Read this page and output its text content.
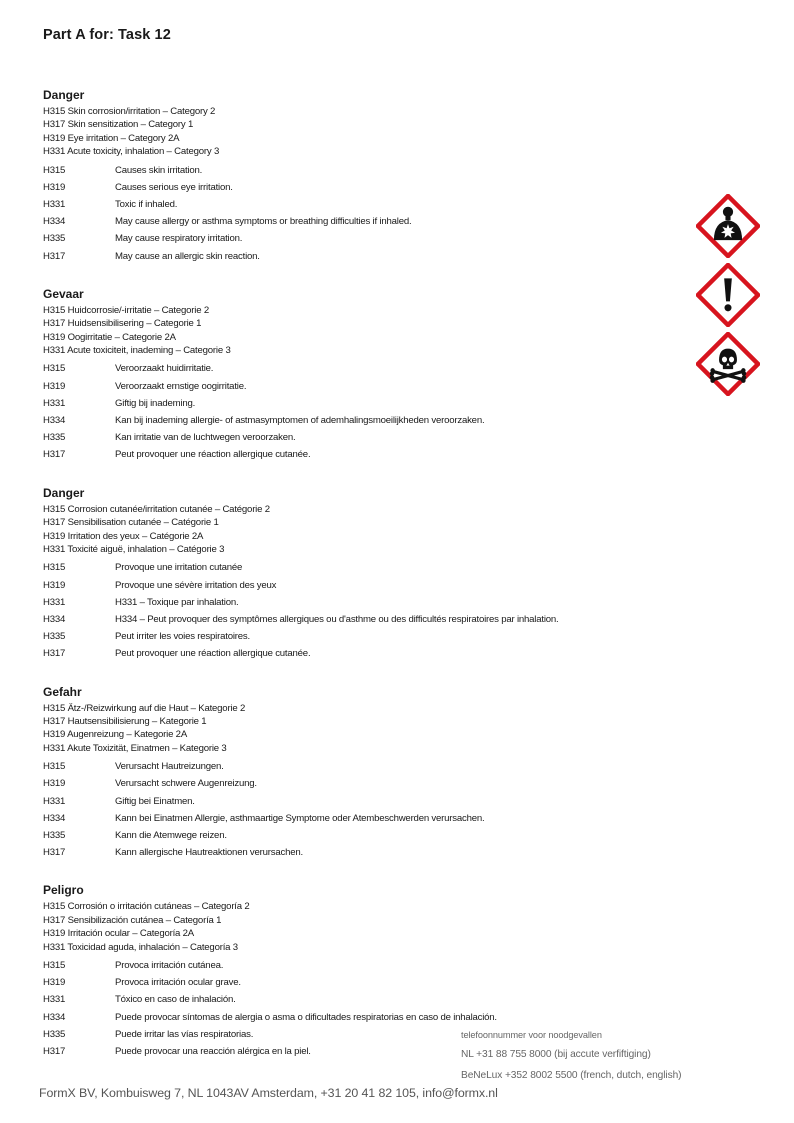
Part A for: Task 12
Danger
H315 Skin corrosion/irritation – Category 2
H317 Skin sensitization – Category 1
H319 Eye irritation – Category 2A
H331 Acute toxicity, inhalation – Category 3
H315	Causes skin irritation.
H319	Causes serious eye irritation.
H331	Toxic if inhaled.
H334	May cause allergy or asthma symptoms or breathing difficulties if inhaled.
H335	May cause respiratory irritation.
H317	May cause an allergic skin reaction.
Gevaar
H315 Huidcorrosie/-irritatie – Categorie 2
H317 Huidsensibilisering – Categorie 1
H319 Oogirritatie – Categorie 2A
H331 Acute toxiciteit, inademing – Categorie 3
H315	Veroorzaakt huidirritatie.
H319	Veroorzaakt ernstige oogirritatie.
H331	Giftig bij inademing.
H334	Kan bij inademing allergie- of astmasymptomen of ademhalingsmoeilijkheden veroorzaken.
H335	Kan irritatie van de luchtwegen veroorzaken.
H317	Peut provoquer une réaction allergique cutanée.
Danger
H315 Corrosion cutanée/irritation cutanée – Catégorie 2
H317 Sensibilisation cutanée – Catégorie 1
H319 Irritation des yeux – Catégorie 2A
H331 Toxicité aiguë, inhalation – Catégorie 3
H315	Provoque une irritation cutanée
H319	Provoque une sévère irritation des yeux
H331	H331 – Toxique par inhalation.
H334	H334 – Peut provoquer des symptômes allergiques ou d'asthme ou des difficultés respiratoires par inhalation.
H335	Peut irriter les voies respiratoires.
H317	Peut provoquer une réaction allergique cutanée.
Gefahr
H315 Ätz-/Reizwirkung auf die Haut – Kategorie 2
H317 Hautsensibilisierung – Kategorie 1
H319 Augenreizung – Kategorie 2A
H331 Akute Toxizität, Einatmen – Kategorie 3
H315	Verursacht Hautreizungen.
H319	Verursacht schwere Augenreizung.
H331	Giftig bei Einatmen.
H334	Kann bei Einatmen Allergie, asthmaartige Symptome oder Atembeschwerden verursachen.
H335	Kann die Atemwege reizen.
H317	Kann allergische Hautreaktionen verursachen.
Peligro
H315 Corrosión o irritación cutáneas – Categoría 2
H317 Sensibilización cutánea – Categoría 1
H319 Irritación ocular – Categoría 2A
H331 Toxicidad aguda, inhalación – Categoría 3
H315	Provoca irritación cutánea.
H319	Provoca irritación ocular grave.
H331	Tóxico en caso de inhalación.
H334	Puede provocar síntomas de alergia o asma o dificultades respiratorias en caso de inhalación.
H335	Puede irritar las vías respiratorias.
H317	Puede provocar una reacción alérgica en la piel.
telefoonnummer voor noodgevallen
NL +31 88 755 8000 (bij accute verfiftiging)
BeNeLux +352 8002 5500 (french, dutch, english)
FormX BV, Kombuisweg 7, NL 1043AV Amsterdam, +31 20 41 82 105, info@formx.nl
